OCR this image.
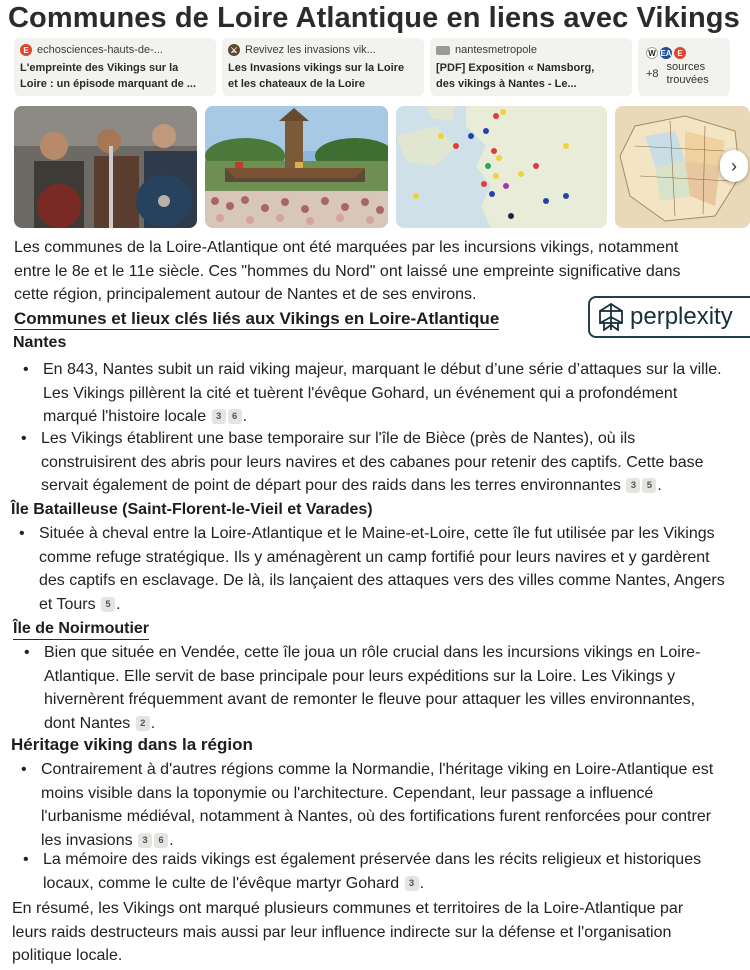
Communes de Loire Atlantique en liens avec Vikings
E echosciences-hauts-de-...
L'empreinte des Vikings sur la
Loire : un épisode marquant de ...
⚔ Revivez les invasions vik...
Les Invasions vikings sur la Loire
et les chateaux de la Loire
nantesmetropole
[PDF] Exposition « Namsborg,
des vikings à Nantes - Le...
W EA E
+8
sources
trouvées
›
perplexity
Les communes de la Loire-Atlantique ont été marquées par les incursions vikings, notamment entre le 8e et le 11e siècle. Ces "hommes du Nord" ont laissé une empreinte significative dans cette région, principalement autour de Nantes et de ses environs.
Communes et lieux clés liés aux Vikings en Loire-Atlantique
Nantes
• En 843, Nantes subit un raid viking majeur, marquant le début d’une série d’attaques sur la ville. Les Vikings pillèrent la cité et tuèrent l'évêque Gohard, un événement qui a profondément marqué l'histoire locale 3 6 .
• Les Vikings établirent une base temporaire sur l'île de Bièce (près de Nantes), où ils construisirent des abris pour leurs navires et des cabanes pour retenir des captifs. Cette base servait également de point de départ pour des raids dans les terres environnantes 3 5 .
Île Batailleuse (Saint-Florent-le-Vieil et Varades)
• Située à cheval entre la Loire-Atlantique et le Maine-et-Loire, cette île fut utilisée par les Vikings comme refuge stratégique. Ils y aménagèrent un camp fortifié pour leurs navires et y gardèrent des captifs en esclavage. De là, ils lançaient des attaques vers des villes comme Nantes, Angers et Tours 5 .
Île de Noirmoutier
• Bien que située en Vendée, cette île joua un rôle crucial dans les incursions vikings en Loire-Atlantique. Elle servit de base principale pour leurs expéditions sur la Loire. Les Vikings y hivernèrent fréquemment avant de remonter le fleuve pour attaquer les villes environnantes, dont Nantes 2 .
Héritage viking dans la région
• Contrairement à d'autres régions comme la Normandie, l'héritage viking en Loire-Atlantique est moins visible dans la toponymie ou l'architecture. Cependant, leur passage a influencé l'urbanisme médiéval, notamment à Nantes, où des fortifications furent renforcées pour contrer les invasions 3 6 .
• La mémoire des raids vikings est également préservée dans les récits religieux et historiques locaux, comme le culte de l'évêque martyr Gohard 3 .
En résumé, les Vikings ont marqué plusieurs communes et territoires de la Loire-Atlantique par leurs raids destructeurs mais aussi par leur influence indirecte sur la défense et l'organisation politique locale.
